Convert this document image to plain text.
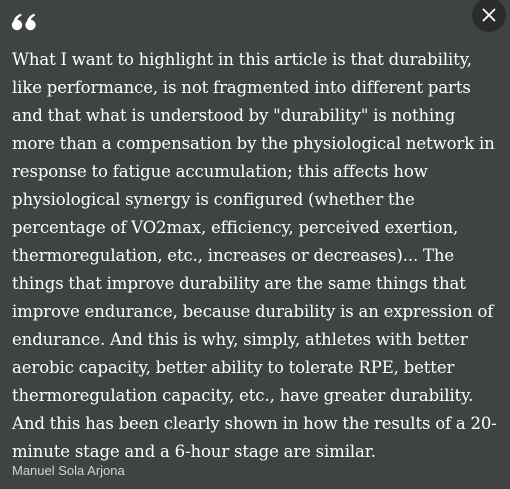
What I want to highlight in this article is that durability, like performance, is not fragmented into different parts and that what is understood by "durability" is nothing more than a compensation by the physiological network in response to fatigue accumulation; this affects how physiological synergy is configured (whether the percentage of VO2max, efficiency, perceived exertion, thermoregulation, etc., increases or decreases)... The things that improve durability are the same things that improve endurance, because durability is an expression of endurance. And this is why, simply, athletes with better aerobic capacity, better ability to tolerate RPE, better thermoregulation capacity, etc., have greater durability. And this has been clearly shown in how the results of a 20-minute stage and a 6-hour stage are similar.

Manuel Sola Arjona
